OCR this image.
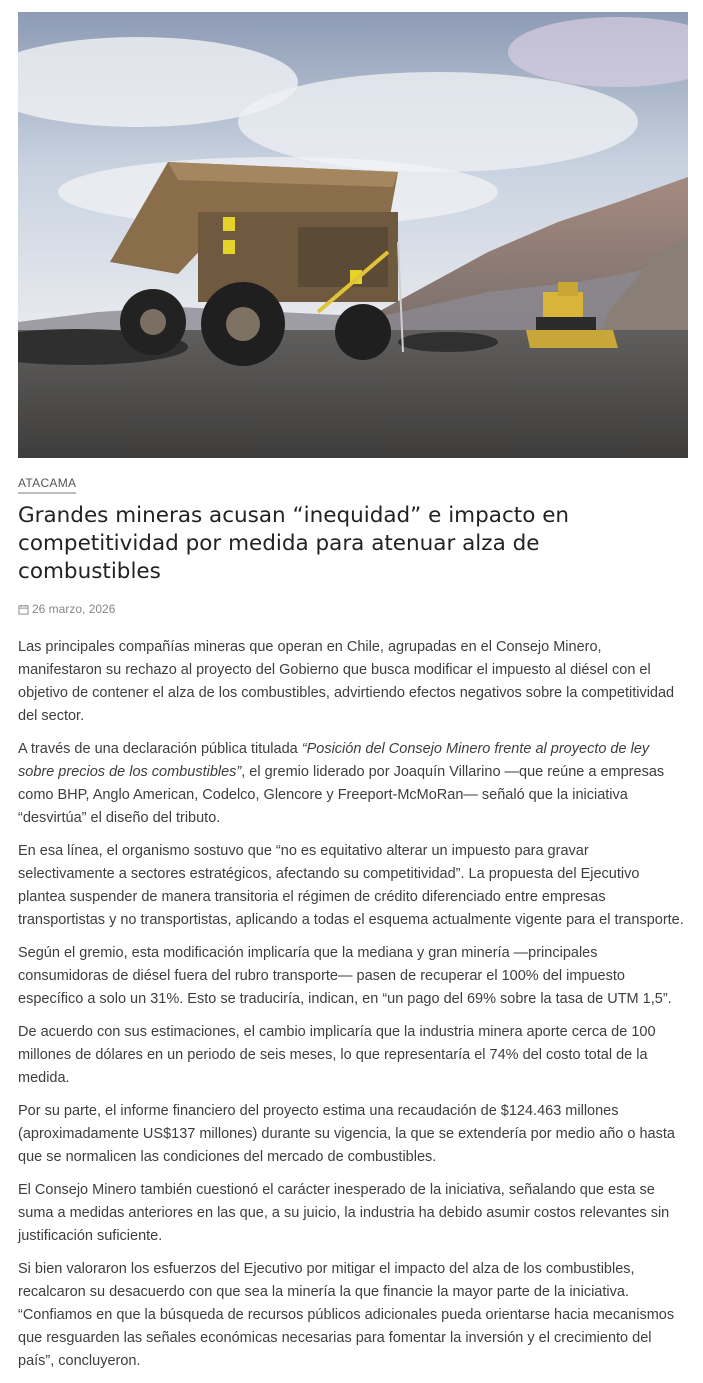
ATACAMA
Grandes mineras acusan “inequidad” e impacto en competitividad por medida para atenuar alza de combustibles
26 marzo, 2026

Las principales compañías mineras que operan en Chile, agrupadas en el Consejo Minero, manifestaron su rechazo al proyecto del Gobierno que busca modificar el impuesto al diésel con el objetivo de contener el alza de los combustibles, advirtiendo efectos negativos sobre la competitividad del sector.

A través de una declaración pública titulada “Posición del Consejo Minero frente al proyecto de ley sobre precios de los combustibles”, el gremio liderado por Joaquín Villarino —que reúne a empresas como BHP, Anglo American, Codelco, Glencore y Freeport-McMoRan— señaló que la iniciativa “desvirtúa” el diseño del tributo.

En esa línea, el organismo sostuvo que “no es equitativo alterar un impuesto para gravar selectivamente a sectores estratégicos, afectando su competitividad”. La propuesta del Ejecutivo plantea suspender de manera transitoria el régimen de crédito diferenciado entre empresas transportistas y no transportistas, aplicando a todas el esquema actualmente vigente para el transporte.

Según el gremio, esta modificación implicaría que la mediana y gran minería —principales consumidoras de diésel fuera del rubro transporte— pasen de recuperar el 100% del impuesto específico a solo un 31%. Esto se traduciría, indican, en “un pago del 69% sobre la tasa de UTM 1,5”.

De acuerdo con sus estimaciones, el cambio implicaría que la industria minera aporte cerca de 100 millones de dólares en un periodo de seis meses, lo que representaría el 74% del costo total de la medida.

Por su parte, el informe financiero del proyecto estima una recaudación de $124.463 millones (aproximadamente US$137 millones) durante su vigencia, la que se extendería por medio año o hasta que se normalicen las condiciones del mercado de combustibles.

El Consejo Minero también cuestionó el carácter inesperado de la iniciativa, señalando que esta se suma a medidas anteriores en las que, a su juicio, la industria ha debido asumir costos relevantes sin justificación suficiente.

Si bien valoraron los esfuerzos del Ejecutivo por mitigar el impacto del alza de los combustibles, recalcaron su desacuerdo con que sea la minería la que financie la mayor parte de la iniciativa. “Confiamos en que la búsqueda de recursos públicos adicionales pueda orientarse hacia mecanismos que resguarden las señales económicas necesarias para fomentar la inversión y el crecimiento del país”, concluyeron.
